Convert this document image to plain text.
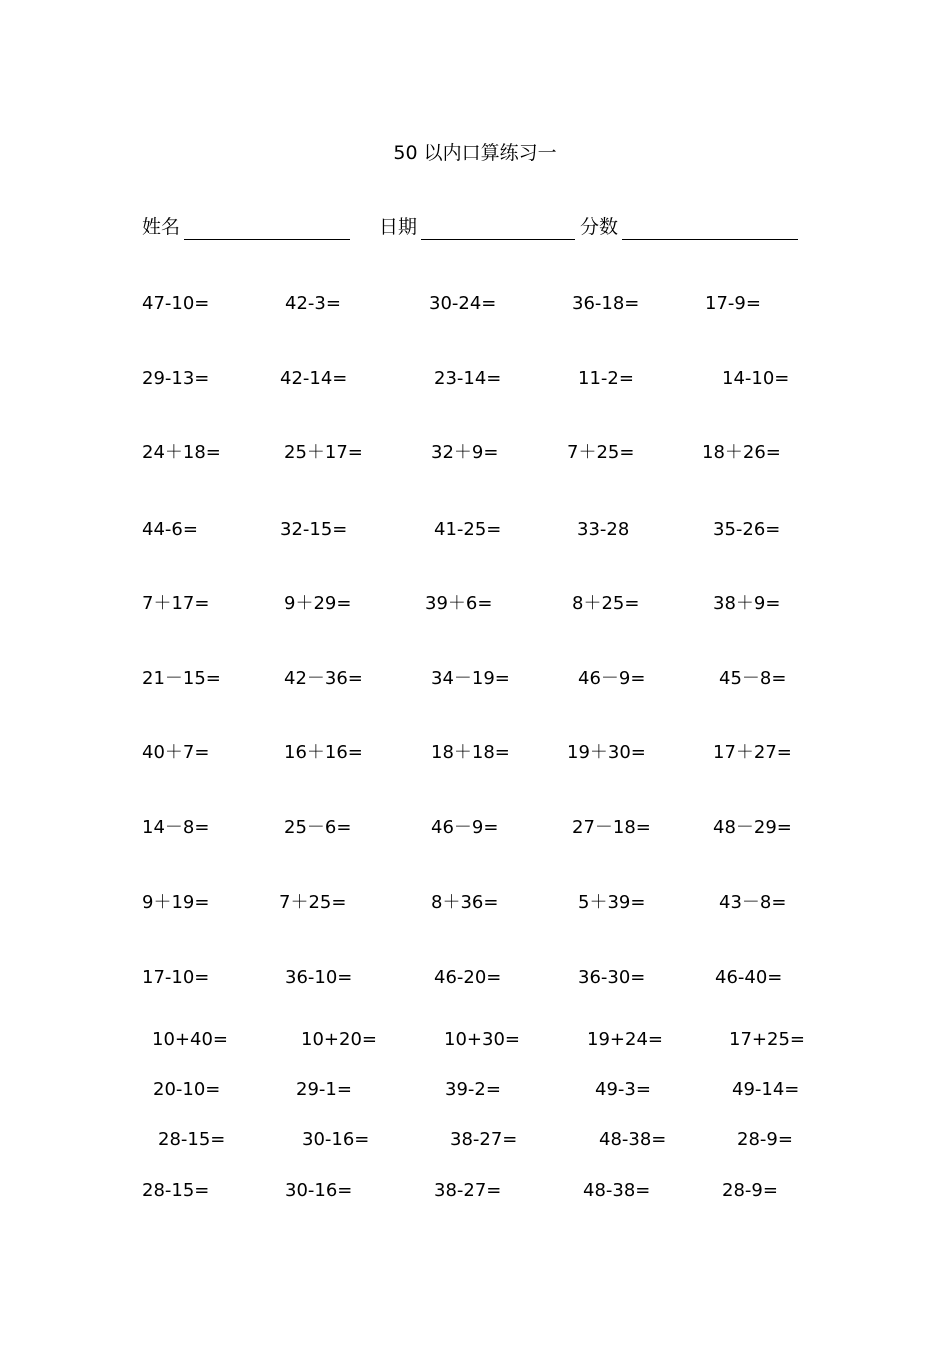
50 以内口算练习一
姓名	日期	分数
47-10=	42-3=	30-24=	36-18=	17-9=
29-13=	42-14=	23-14=	11-2=	14-10=
24＋18=	25＋17=	32＋9=	7＋25=	18＋26=
44-6=	32-15=	41-25=	33-28	35-26=
7＋17=	9＋29=	39＋6=	8＋25=	38＋9=
21－15=	42－36=	34－19=	46－9=	45－8=
40＋7=	16＋16=	18＋18=	19＋30=	17＋27=
14－8=	25－6=	46－9=	27－18=	48－29=
9＋19=	7＋25=	8＋36=	5＋39=	43－8=
17-10=	36-10=	46-20=	36-30=	46-40=
10+40=	10+20=	10+30=	19+24=	17+25=
20-10=	29-1=	39-2=	49-3=	49-14=
28-15=	30-16=	38-27=	48-38=	28-9=
28-15=	30-16=	38-27=	48-38=	28-9=
